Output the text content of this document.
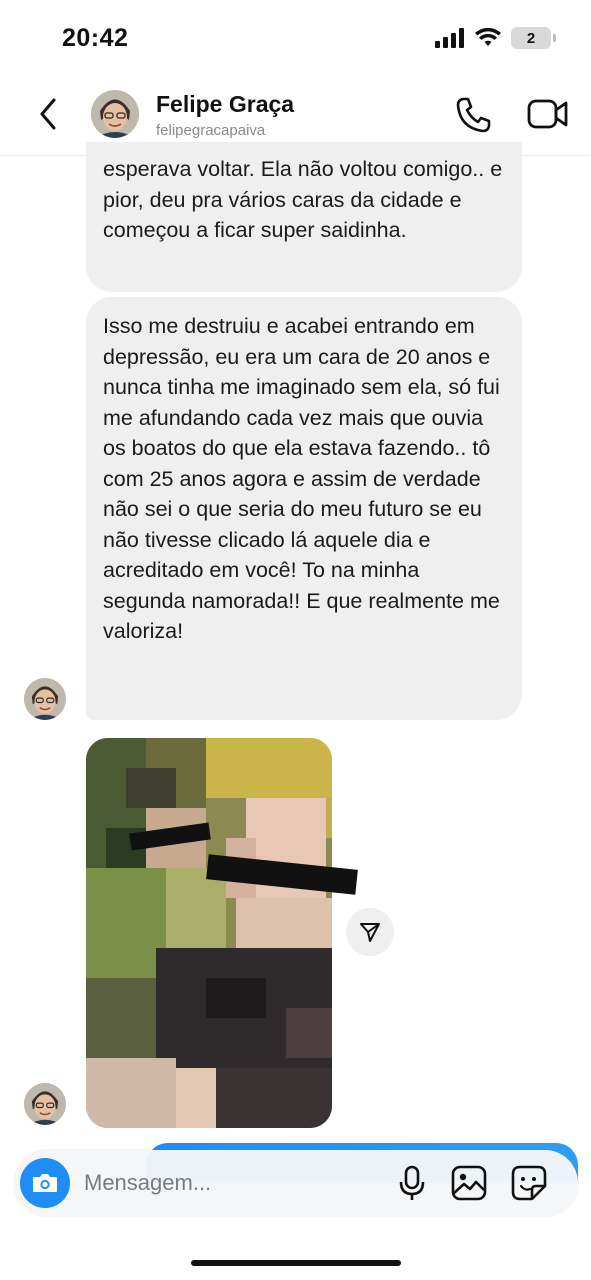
20:42	2
Felipe Graça
felipegracapaiva
esperava voltar. Ela não voltou comigo.. e pior, deu pra vários caras da cidade e começou a ficar super saidinha.
Isso me destruiu e acabei entrando em depressão, eu era um cara de 20 anos e nunca tinha me imaginado sem ela, só fui me afundando cada vez mais que ouvia os boatos do que ela estava fazendo.. tô com 25 anos agora e assim de verdade não sei o que seria do meu futuro se eu não tivesse clicado lá aquele dia e acreditado em você! To na minha segunda namorada!! E que realmente me valoriza!
Mensagem...
